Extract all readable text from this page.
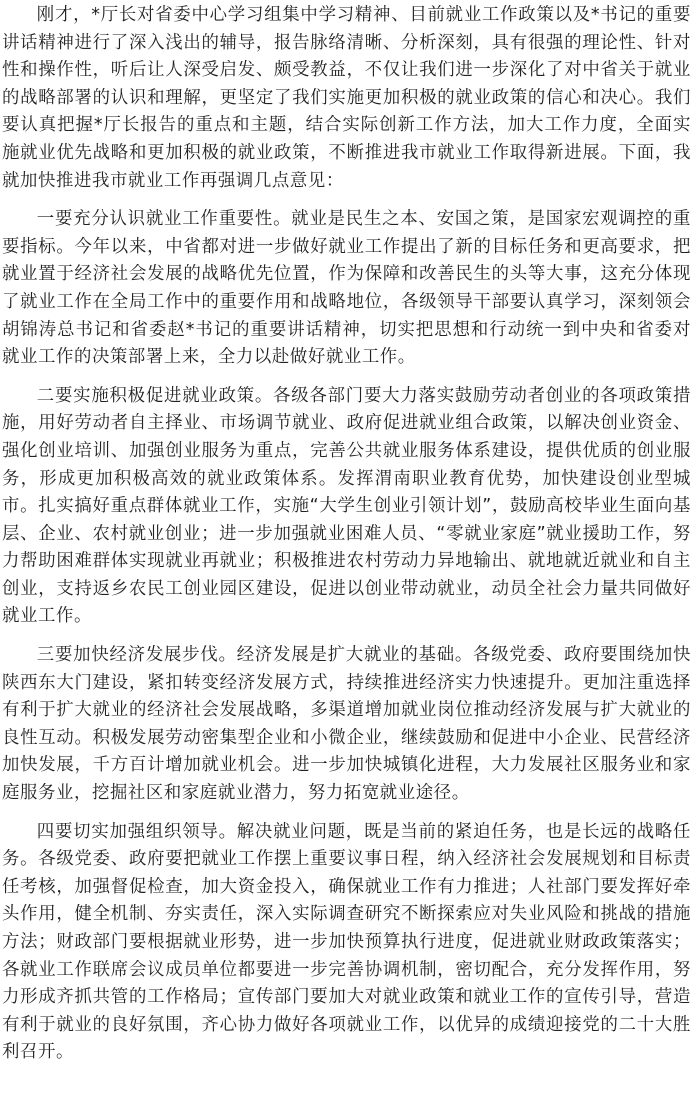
刚才，*厅长对省委中心学习组集中学习精神、目前就业工作政策以及*书记的重要讲话精神进行了深入浅出的辅导，报告脉络清晰、分析深刻，具有很强的理论性、针对性和操作性，听后让人深受启发、颇受教益，不仅让我们进一步深化了对中省关于就业的战略部署的认识和理解，更坚定了我们实施更加积极的就业政策的信心和决心。我们要认真把握*厅长报告的重点和主题，结合实际创新工作方法，加大工作力度，全面实施就业优先战略和更加积极的就业政策，不断推进我市就业工作取得新进展。下面，我就加快推进我市就业工作再强调几点意见：

一要充分认识就业工作重要性。就业是民生之本、安国之策，是国家宏观调控的重要指标。今年以来，中省都对进一步做好就业工作提出了新的目标任务和更高要求，把就业置于经济社会发展的战略优先位置，作为保障和改善民生的头等大事，这充分体现了就业工作在全局工作中的重要作用和战略地位，各级领导干部要认真学习，深刻领会胡锦涛总书记和省委赵*书记的重要讲话精神，切实把思想和行动统一到中央和省委对就业工作的决策部署上来，全力以赴做好就业工作。

二要实施积极促进就业政策。各级各部门要大力落实鼓励劳动者创业的各项政策措施，用好劳动者自主择业、市场调节就业、政府促进就业组合政策，以解决创业资金、强化创业培训、加强创业服务为重点，完善公共就业服务体系建设，提供优质的创业服务，形成更加积极高效的就业政策体系。发挥渭南职业教育优势，加快建设创业型城市。扎实搞好重点群体就业工作，实施“大学生创业引领计划”，鼓励高校毕业生面向基层、企业、农村就业创业；进一步加强就业困难人员、“零就业家庭”就业援助工作，努力帮助困难群体实现就业再就业；积极推进农村劳动力异地输出、就地就近就业和自主创业，支持返乡农民工创业园区建设，促进以创业带动就业，动员全社会力量共同做好就业工作。

三要加快经济发展步伐。经济发展是扩大就业的基础。各级党委、政府要围绕加快陕西东大门建设，紧扣转变经济发展方式，持续推进经济实力快速提升。更加注重选择有利于扩大就业的经济社会发展战略，多渠道增加就业岗位推动经济发展与扩大就业的良性互动。积极发展劳动密集型企业和小微企业，继续鼓励和促进中小企业、民营经济加快发展，千方百计增加就业机会。进一步加快城镇化进程，大力发展社区服务业和家庭服务业，挖掘社区和家庭就业潜力，努力拓宽就业途径。

四要切实加强组织领导。解决就业问题，既是当前的紧迫任务，也是长远的战略任务。各级党委、政府要把就业工作摆上重要议事日程，纳入经济社会发展规划和目标责任考核，加强督促检查，加大资金投入，确保就业工作有力推进；人社部门要发挥好牵头作用，健全机制、夯实责任，深入实际调查研究不断探索应对失业风险和挑战的措施方法；财政部门要根据就业形势，进一步加快预算执行进度，促进就业财政政策落实；各就业工作联席会议成员单位都要进一步完善协调机制，密切配合，充分发挥作用，努力形成齐抓共管的工作格局；宣传部门要加大对就业政策和就业工作的宣传引导，营造有利于就业的良好氛围，齐心协力做好各项就业工作，以优异的成绩迎接党的二十大胜利召开。
